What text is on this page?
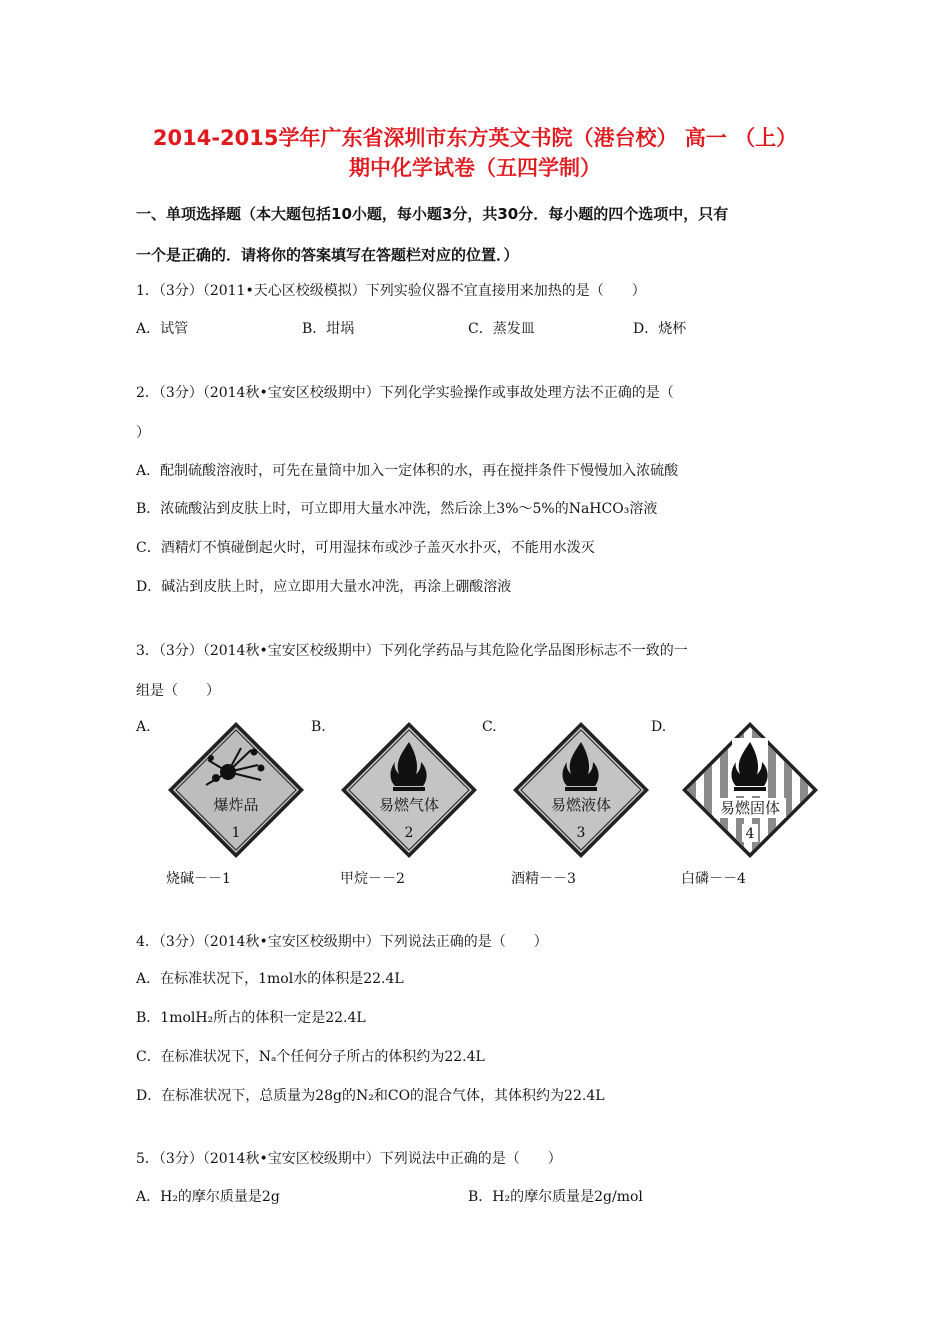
2014-2015学年广东省深圳市东方英文书院（港台校） 高一 （上）
期中化学试卷（五四学制）
一、单项选择题（本大题包括10小题，每小题3分，共30分．每小题的四个选项中，只有
一个是正确的．请将你的答案填写在答题栏对应的位置．）
1．（3分）（2011•天心区校级模拟）下列实验仪器不宜直接用来加热的是（　　）
A．试管	B．坩埚	C．蒸发皿	D．烧杯
2．（3分）（2014秋•宝安区校级期中）下列化学实验操作或事故处理方法不正确的是（
）
A．配制硫酸溶液时，可先在量筒中加入一定体积的水，再在搅拌条件下慢慢加入浓硫酸
B．浓硫酸沾到皮肤上时，可立即用大量水冲洗，然后涂上3%～5%的NaHCO₃溶液
C．酒精灯不慎碰倒起火时，可用湿抹布或沙子盖灭水扑灭，不能用水泼灭
D．碱沾到皮肤上时，应立即用大量水冲洗，再涂上硼酸溶液
3．（3分）（2014秋•宝安区校级期中）下列化学药品与其危险化学品图形标志不一致的一
组是（　　）
A.	B.	C.	D.
爆炸品
1
易燃气体
2
易燃液体
3
易燃固体
4
烧碱－－1	甲烷－－2	酒精－－3	白磷－－4
4．（3分）（2014秋•宝安区校级期中）下列说法正确的是（　　）
A．在标准状况下，1mol水的体积是22.4L
B．1molH₂所占的体积一定是22.4L
C．在标准状况下，Nₐ个任何分子所占的体积约为22.4L
D．在标准状况下，总质量为28g的N₂和CO的混合气体，其体积约为22.4L
5．（3分）（2014秋•宝安区校级期中）下列说法中正确的是（　　）
A．H₂的摩尔质量是2g	B．H₂的摩尔质量是2g/mol
